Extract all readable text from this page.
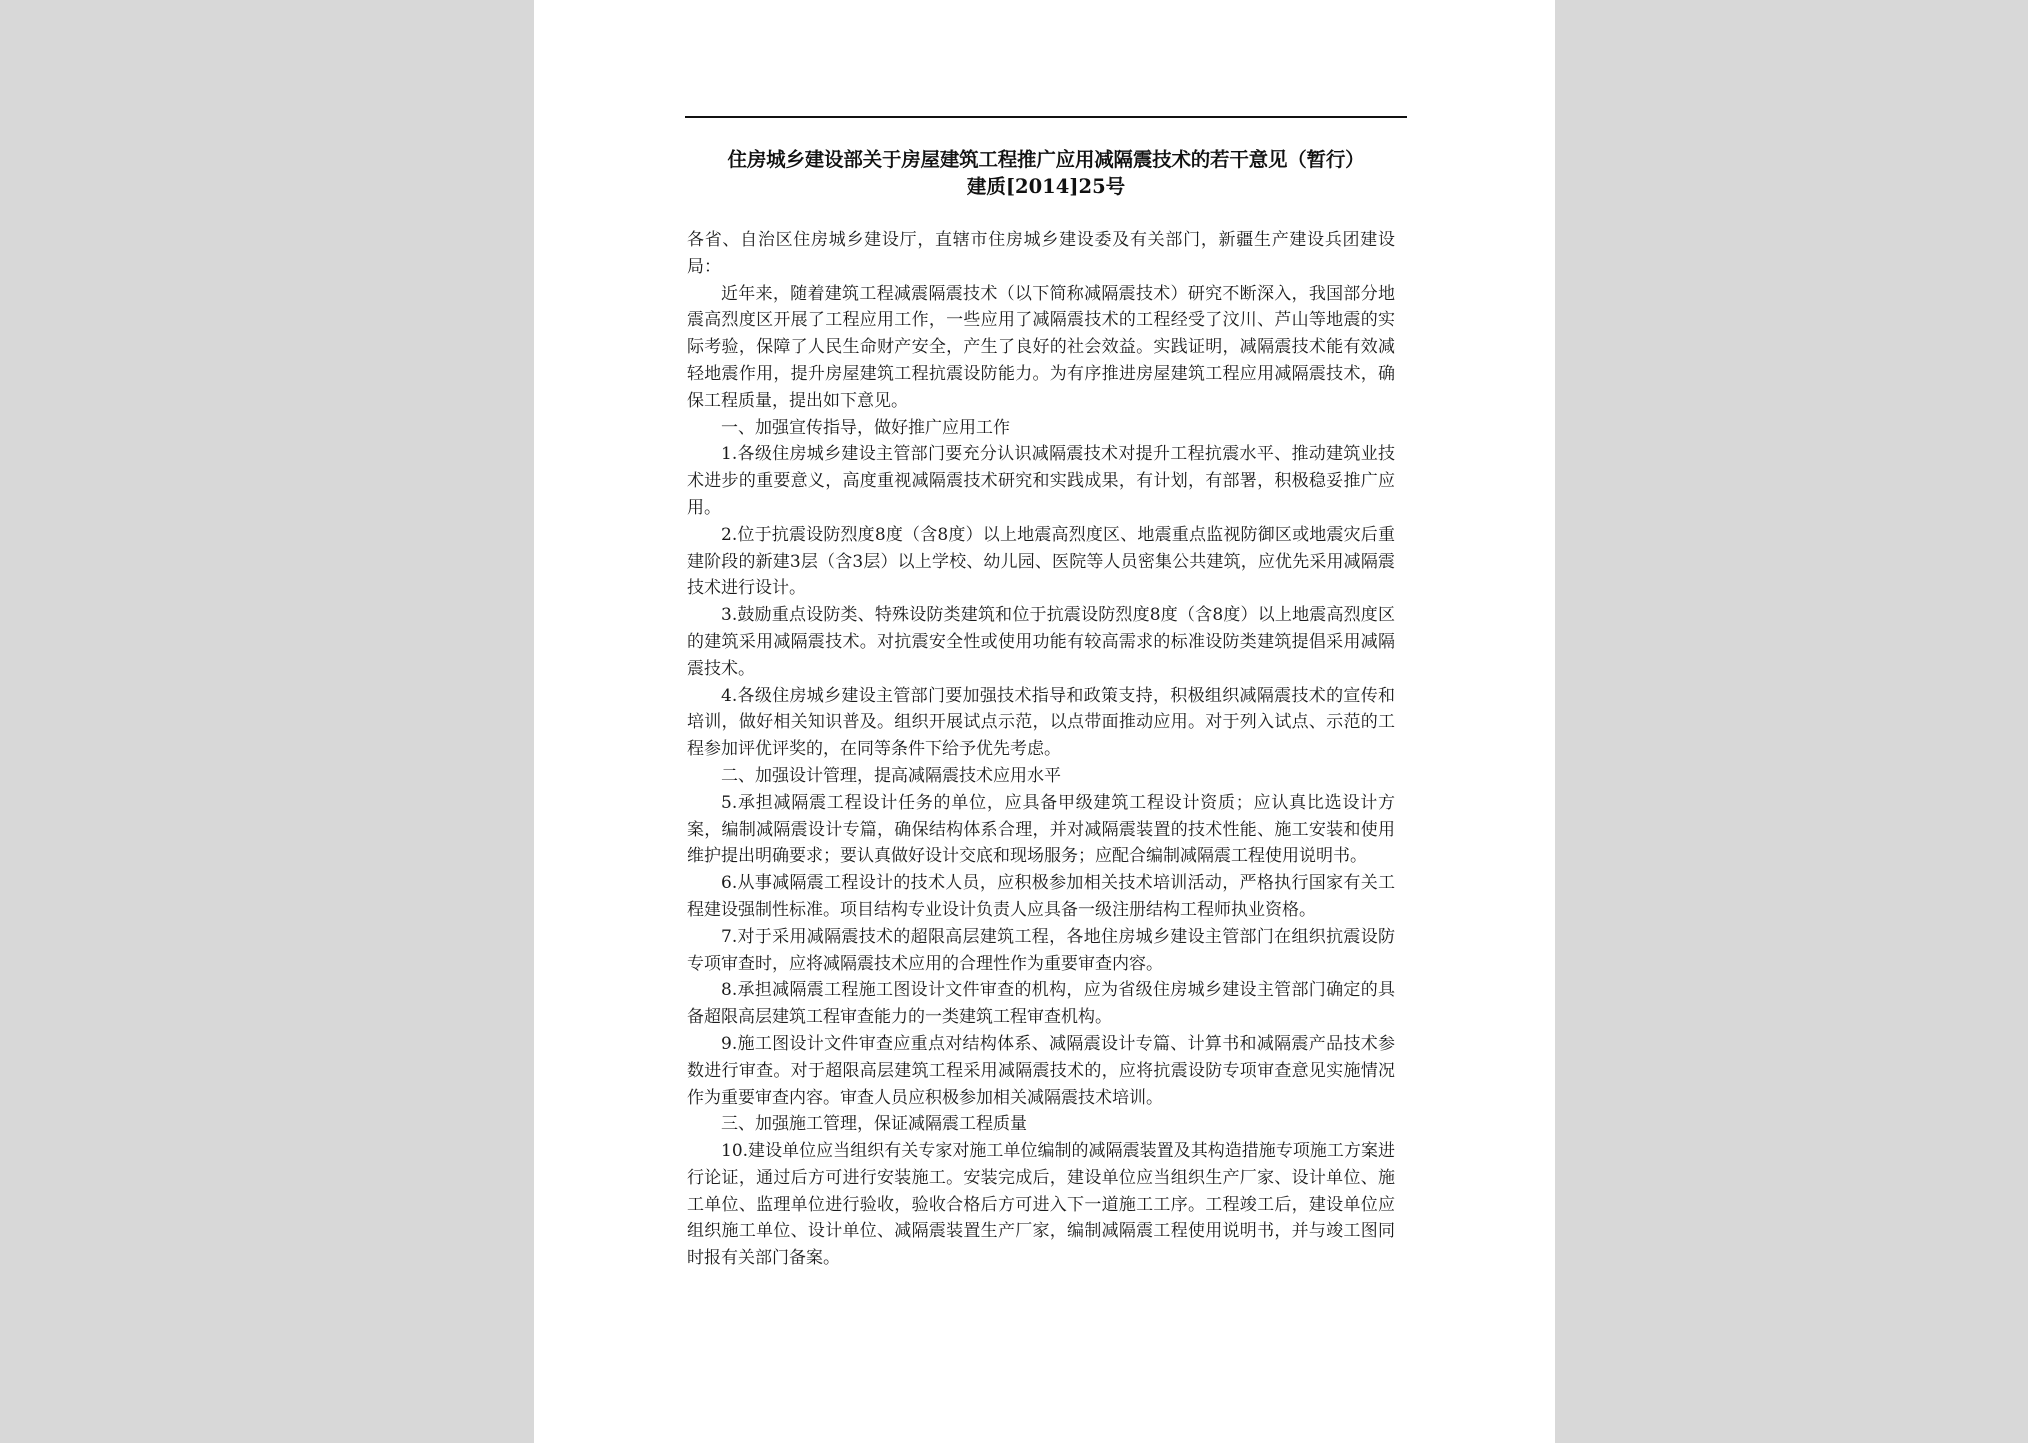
住房城乡建设部关于房屋建筑工程推广应用减隔震技术的若干意见（暂行）
建质[2014]25号

各省、自治区住房城乡建设厅，直辖市住房城乡建设委及有关部门，新疆生产建设兵团建设局：

近年来，随着建筑工程减震隔震技术（以下简称减隔震技术）研究不断深入，我国部分地震高烈度区开展了工程应用工作，一些应用了减隔震技术的工程经受了汶川、芦山等地震的实际考验，保障了人民生命财产安全，产生了良好的社会效益。实践证明，减隔震技术能有效减轻地震作用，提升房屋建筑工程抗震设防能力。为有序推进房屋建筑工程应用减隔震技术，确保工程质量，提出如下意见。

一、加强宣传指导，做好推广应用工作

1.各级住房城乡建设主管部门要充分认识减隔震技术对提升工程抗震水平、推动建筑业技术进步的重要意义，高度重视减隔震技术研究和实践成果，有计划，有部署，积极稳妥推广应用。

2.位于抗震设防烈度8度（含8度）以上地震高烈度区、地震重点监视防御区或地震灾后重建阶段的新建3层（含3层）以上学校、幼儿园、医院等人员密集公共建筑，应优先采用减隔震技术进行设计。

3.鼓励重点设防类、特殊设防类建筑和位于抗震设防烈度8度（含8度）以上地震高烈度区的建筑采用减隔震技术。对抗震安全性或使用功能有较高需求的标准设防类建筑提倡采用减隔震技术。

4.各级住房城乡建设主管部门要加强技术指导和政策支持，积极组织减隔震技术的宣传和培训，做好相关知识普及。组织开展试点示范，以点带面推动应用。对于列入试点、示范的工程参加评优评奖的，在同等条件下给予优先考虑。

二、加强设计管理，提高减隔震技术应用水平

5.承担减隔震工程设计任务的单位，应具备甲级建筑工程设计资质；应认真比选设计方案，编制减隔震设计专篇，确保结构体系合理，并对减隔震装置的技术性能、施工安装和使用维护提出明确要求；要认真做好设计交底和现场服务；应配合编制减隔震工程使用说明书。

6.从事减隔震工程设计的技术人员，应积极参加相关技术培训活动，严格执行国家有关工程建设强制性标准。项目结构专业设计负责人应具备一级注册结构工程师执业资格。

7.对于采用减隔震技术的超限高层建筑工程，各地住房城乡建设主管部门在组织抗震设防专项审查时，应将减隔震技术应用的合理性作为重要审查内容。

8.承担减隔震工程施工图设计文件审查的机构，应为省级住房城乡建设主管部门确定的具备超限高层建筑工程审查能力的一类建筑工程审查机构。

9.施工图设计文件审查应重点对结构体系、减隔震设计专篇、计算书和减隔震产品技术参数进行审查。对于超限高层建筑工程采用减隔震技术的，应将抗震设防专项审查意见实施情况作为重要审查内容。审查人员应积极参加相关减隔震技术培训。

三、加强施工管理，保证减隔震工程质量

10.建设单位应当组织有关专家对施工单位编制的减隔震装置及其构造措施专项施工方案进行论证，通过后方可进行安装施工。安装完成后，建设单位应当组织生产厂家、设计单位、施工单位、监理单位进行验收，验收合格后方可进入下一道施工工序。工程竣工后，建设单位应组织施工单位、设计单位、减隔震装置生产厂家，编制减隔震工程使用说明书，并与竣工图同时报有关部门备案。
